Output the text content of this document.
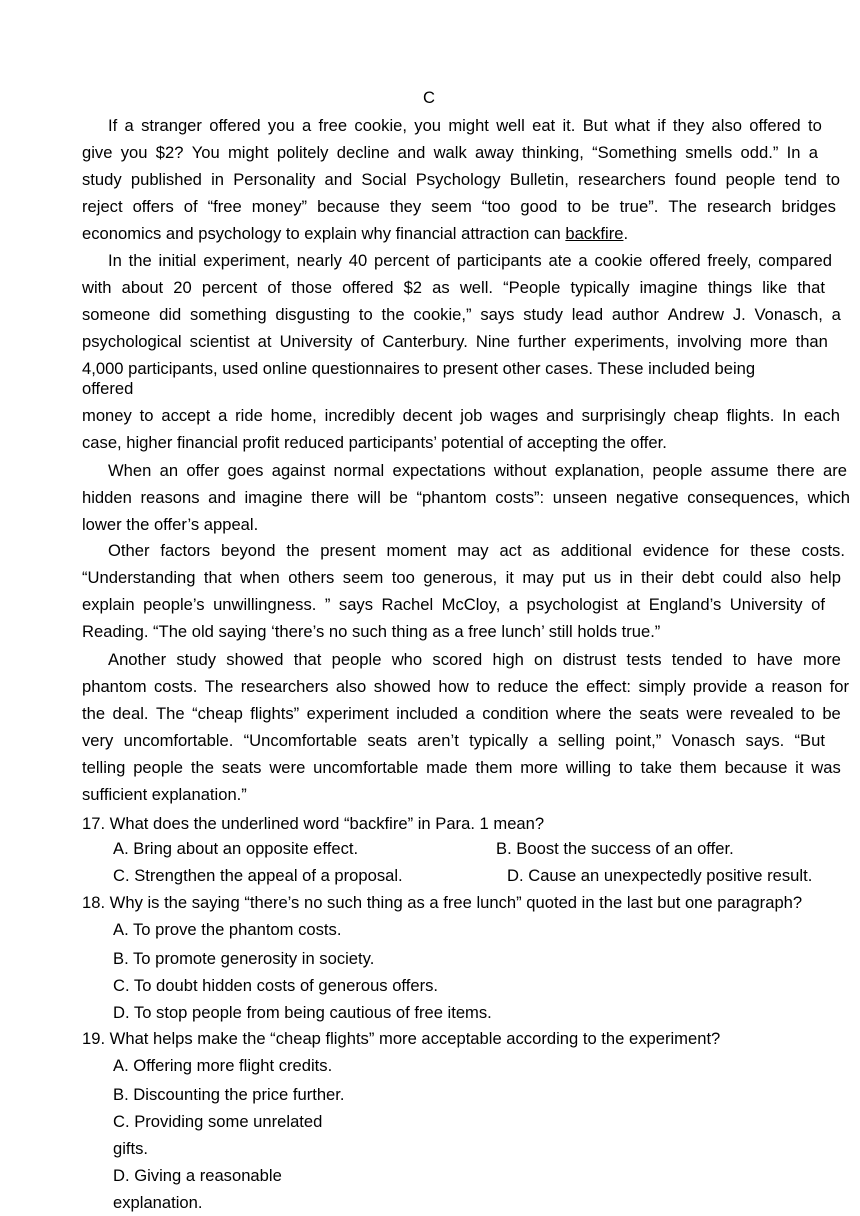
C
If a stranger offered you a free cookie, you might well eat it. But what if they also offered to
give you $2? You might politely decline and walk away thinking, “Something smells odd.” In a
study published in Personality and Social Psychology Bulletin, researchers found people tend to
reject offers of “free money” because they seem “too good to be true”. The research bridges
economics and psychology to explain why financial attraction can backfire.
In the initial experiment, nearly 40 percent of participants ate a cookie offered freely, compared
with about 20 percent of those offered $2 as well. “People typically imagine things like that
someone did something disgusting to the cookie,” says study lead author Andrew J. Vonasch, a
psychological scientist at University of Canterbury. Nine further experiments, involving more than
4,000 participants, used online questionnaires to present other cases. These included being
offered
money to accept a ride home, incredibly decent job wages and surprisingly cheap flights. In each
case, higher financial profit reduced participants’ potential of accepting the offer.
When an offer goes against normal expectations without explanation, people assume there are
hidden reasons and imagine there will be “phantom costs”: unseen negative consequences, which
lower the offer’s appeal.
Other factors beyond the present moment may act as additional evidence for these costs.
“Understanding that when others seem too generous, it may put us in their debt could also help
explain people’s unwillingness. ” says Rachel McCloy, a psychologist at England’s University of
Reading. “The old saying ‘there’s no such thing as a free lunch’ still holds true.”
Another study showed that people who scored high on distrust tests tended to have more
phantom costs. The researchers also showed how to reduce the effect: simply provide a reason for
the deal. The “cheap flights” experiment included a condition where the seats were revealed to be
very uncomfortable. “Uncomfortable seats aren’t typically a selling point,” Vonasch says. “But
telling people the seats were uncomfortable made them more willing to take them because it was
sufficient explanation.”
17. What does the underlined word “backfire” in Para. 1 mean?
A. Bring about an opposite effect.	B. Boost the success of an offer.
C. Strengthen the appeal of a proposal.	D. Cause an unexpectedly positive result.
18. Why is the saying “there’s no such thing as a free lunch” quoted in the last but one paragraph?
A. To prove the phantom costs.
B. To promote generosity in society.
C. To doubt hidden costs of generous offers.
D. To stop people from being cautious of free items.
19. What helps make the “cheap flights” more acceptable according to the experiment?
A. Offering more flight credits.
B. Discounting the price further.
C. Providing some unrelated
gifts.
D. Giving a reasonable
explanation.
